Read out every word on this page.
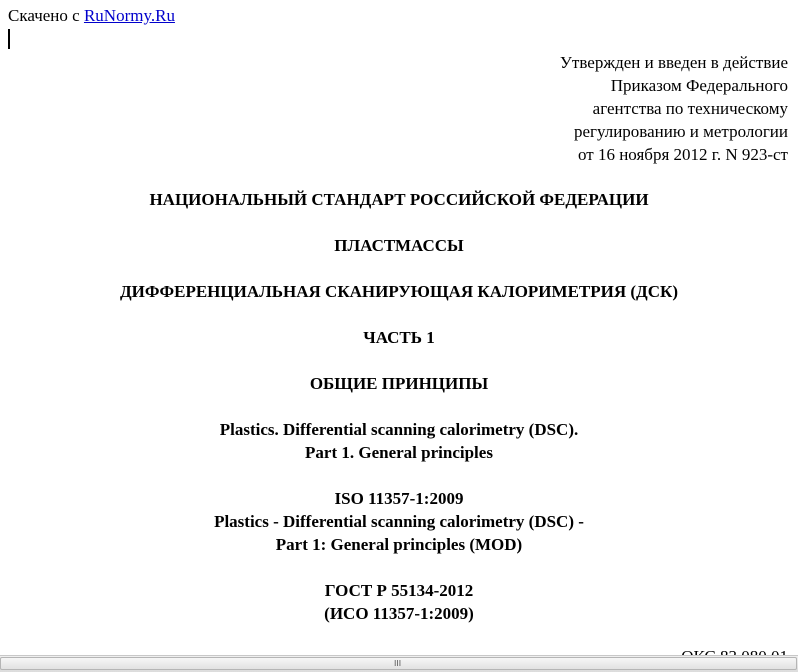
Скачено с RuNormy.Ru
Утвержден и введен в действие
Приказом Федерального
агентства по техническому
регулированию и метрологии
от 16 ноября 2012 г. N 923-ст
НАЦИОНАЛЬНЫЙ СТАНДАРТ РОССИЙСКОЙ ФЕДЕРАЦИИ
ПЛАСТМАССЫ
ДИФФЕРЕНЦИАЛЬНАЯ СКАНИРУЮЩАЯ КАЛОРИМЕТРИЯ (ДСК)
ЧАСТЬ 1
ОБЩИЕ ПРИНЦИПЫ
Plastics. Differential scanning calorimetry (DSC).
Part 1. General principles
ISO 11357-1:2009
Plastics - Differential scanning calorimetry (DSC) -
Part 1: General principles (MOD)
ГОСТ Р 55134-2012
(ИСО 11357-1:2009)
III
